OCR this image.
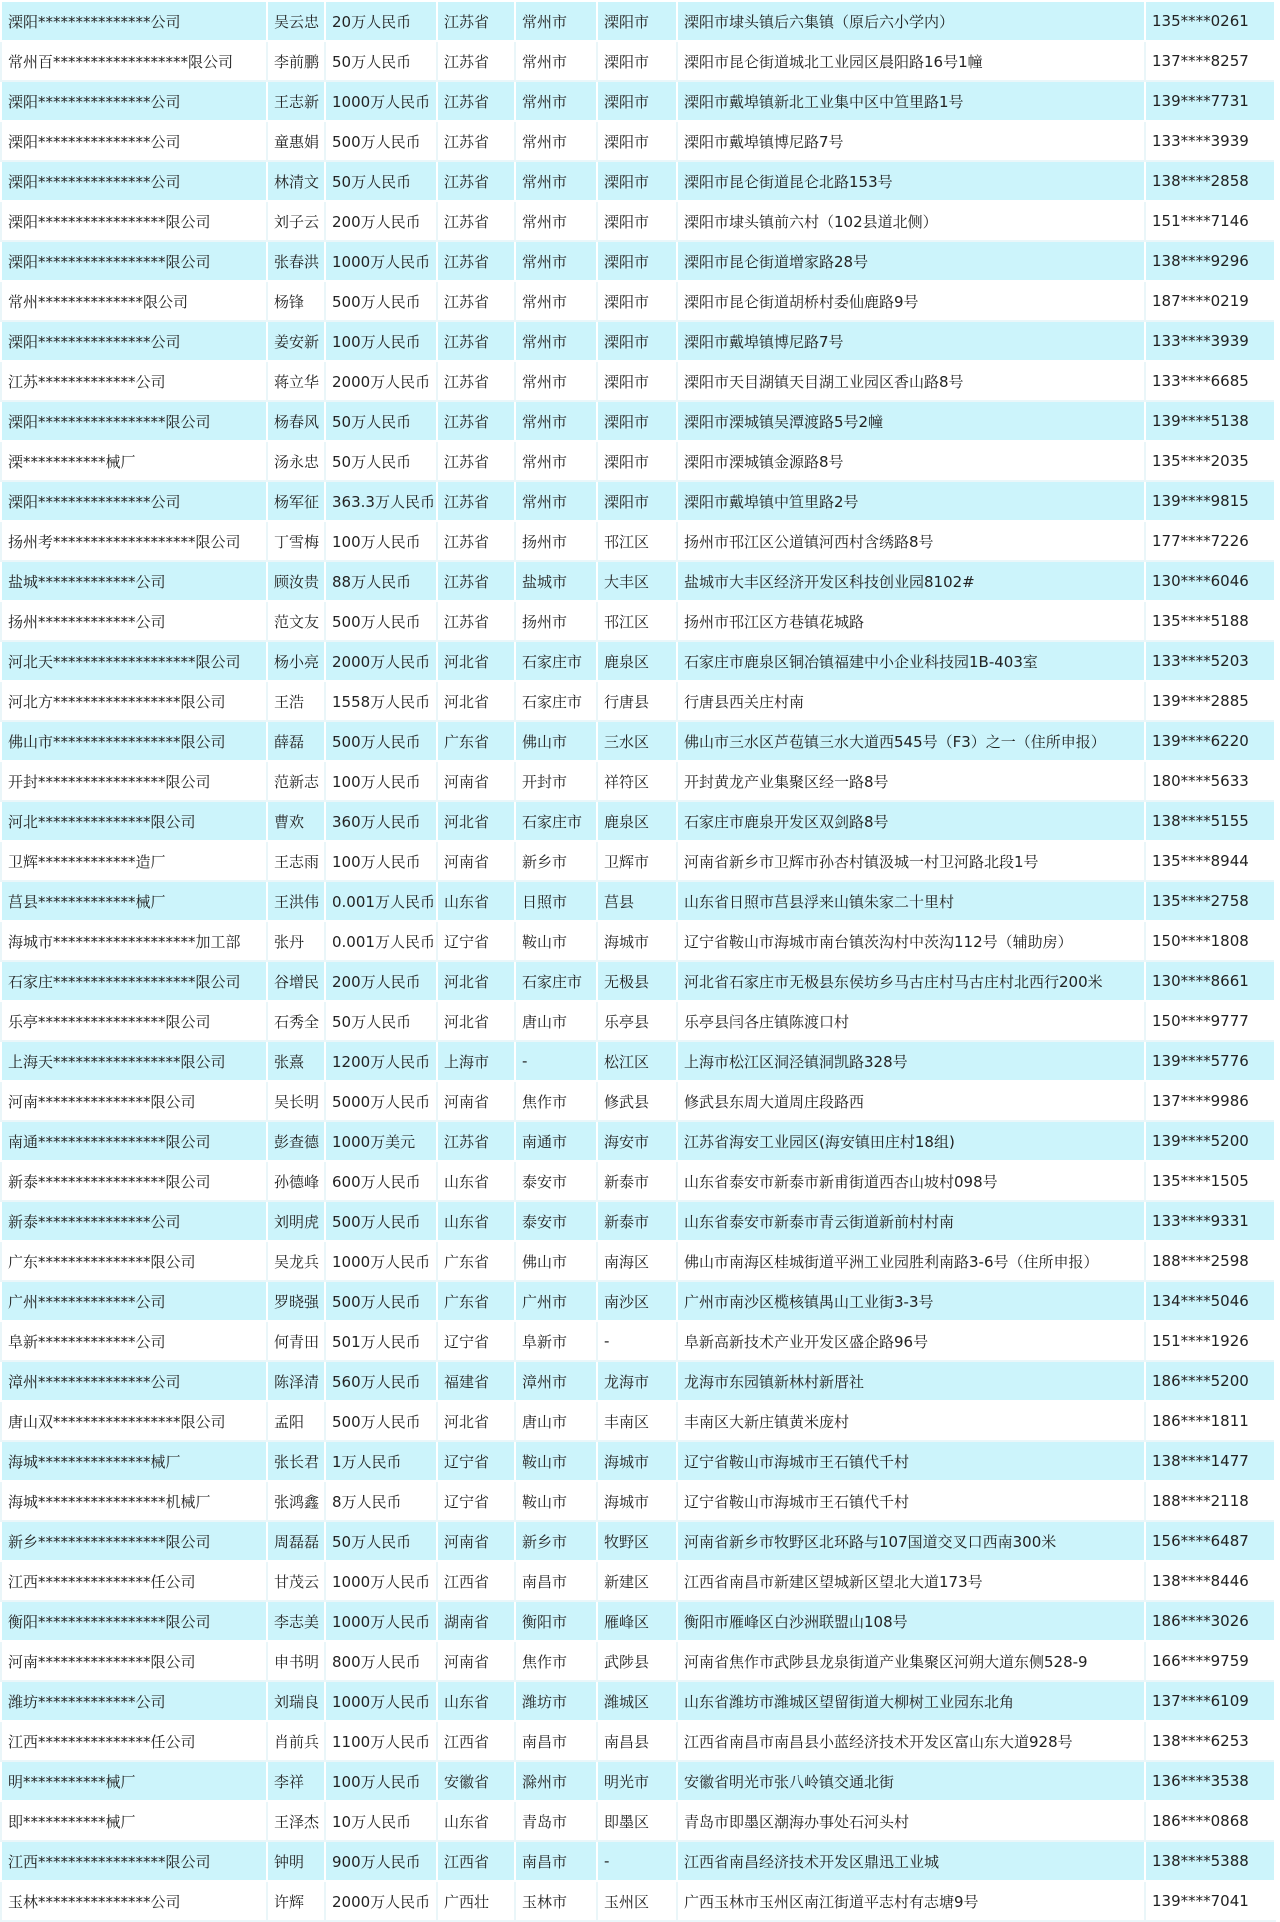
溧阳***************公司	吴云忠	20万人民币	江苏省	常州市	溧阳市	溧阳市埭头镇后六集镇（原后六小学内）	135****0261
常州百******************限公司	李前鹏	50万人民币	江苏省	常州市	溧阳市	溧阳市昆仑街道城北工业园区晨阳路16号1幢	137****8257
溧阳***************公司	王志新	1000万人民币	江苏省	常州市	溧阳市	溧阳市戴埠镇新北工业集中区中笪里路1号	139****7731
溧阳***************公司	童惠娟	500万人民币	江苏省	常州市	溧阳市	溧阳市戴埠镇博尼路7号	133****3939
溧阳***************公司	林清文	50万人民币	江苏省	常州市	溧阳市	溧阳市昆仑街道昆仑北路153号	138****2858
溧阳*****************限公司	刘子云	200万人民币	江苏省	常州市	溧阳市	溧阳市埭头镇前六村（102县道北侧）	151****7146
溧阳*****************限公司	张春洪	1000万人民币	江苏省	常州市	溧阳市	溧阳市昆仑街道增家路28号	138****9296
常州**************限公司	杨锋	500万人民币	江苏省	常州市	溧阳市	溧阳市昆仑街道胡桥村委仙鹿路9号	187****0219
溧阳***************公司	姜安新	100万人民币	江苏省	常州市	溧阳市	溧阳市戴埠镇博尼路7号	133****3939
江苏*************公司	蒋立华	2000万人民币	江苏省	常州市	溧阳市	溧阳市天目湖镇天目湖工业园区香山路8号	133****6685
溧阳*****************限公司	杨春风	50万人民币	江苏省	常州市	溧阳市	溧阳市溧城镇吴潭渡路5号2幢	139****5138
溧***********械厂	汤永忠	50万人民币	江苏省	常州市	溧阳市	溧阳市溧城镇金源路8号	135****2035
溧阳***************公司	杨军征	363.3万人民币	江苏省	常州市	溧阳市	溧阳市戴埠镇中笪里路2号	139****9815
扬州考*******************限公司	丁雪梅	100万人民币	江苏省	扬州市	邗江区	扬州市邗江区公道镇河西村含绣路8号	177****7226
盐城*************公司	顾汝贵	88万人民币	江苏省	盐城市	大丰区	盐城市大丰区经济开发区科技创业园8102#	130****6046
扬州*************公司	范文友	500万人民币	江苏省	扬州市	邗江区	扬州市邗江区方巷镇花城路	135****5188
河北天*******************限公司	杨小亮	2000万人民币	河北省	石家庄市	鹿泉区	石家庄市鹿泉区铜冶镇福建中小企业科技园1B-403室	133****5203
河北方*****************限公司	王浩	1558万人民币	河北省	石家庄市	行唐县	行唐县西关庄村南	139****2885
佛山市*****************限公司	薛磊	500万人民币	广东省	佛山市	三水区	佛山市三水区芦苞镇三水大道西545号（F3）之一（住所申报）	139****6220
开封*****************限公司	范新志	100万人民币	河南省	开封市	祥符区	开封黄龙产业集聚区经一路8号	180****5633
河北***************限公司	曹欢	360万人民币	河北省	石家庄市	鹿泉区	石家庄市鹿泉开发区双剑路8号	138****5155
卫辉*************造厂	王志雨	100万人民币	河南省	新乡市	卫辉市	河南省新乡市卫辉市孙杏村镇汲城一村卫河路北段1号	135****8944
莒县*************械厂	王洪伟	0.001万人民币	山东省	日照市	莒县	山东省日照市莒县浮来山镇朱家二十里村	135****2758
海城市*******************加工部	张丹	0.001万人民币	辽宁省	鞍山市	海城市	辽宁省鞍山市海城市南台镇茨沟村中茨沟112号（辅助房）	150****1808
石家庄*******************限公司	谷增民	200万人民币	河北省	石家庄市	无极县	河北省石家庄市无极县东侯坊乡马古庄村马古庄村北西行200米	130****8661
乐亭*****************限公司	石秀全	50万人民币	河北省	唐山市	乐亭县	乐亭县闫各庄镇陈渡口村	150****9777
上海天*****************限公司	张熹	1200万人民币	上海市	-	松江区	上海市松江区洞泾镇洞凯路328号	139****5776
河南***************限公司	吴长明	5000万人民币	河南省	焦作市	修武县	修武县东周大道周庄段路西	137****9986
南通*****************限公司	彭查德	1000万美元	江苏省	南通市	海安市	江苏省海安工业园区(海安镇田庄村18组)	139****5200
新泰*****************限公司	孙德峰	600万人民币	山东省	泰安市	新泰市	山东省泰安市新泰市新甫街道西杏山坡村098号	135****1505
新泰***************公司	刘明虎	500万人民币	山东省	泰安市	新泰市	山东省泰安市新泰市青云街道新前村村南	133****9331
广东***************限公司	吴龙兵	1000万人民币	广东省	佛山市	南海区	佛山市南海区桂城街道平洲工业园胜利南路3-6号（住所申报）	188****2598
广州*************公司	罗晓强	500万人民币	广东省	广州市	南沙区	广州市南沙区榄核镇禺山工业街3-3号	134****5046
阜新*************公司	何青田	501万人民币	辽宁省	阜新市	-	阜新高新技术产业开发区盛企路96号	151****1926
漳州***************公司	陈泽清	560万人民币	福建省	漳州市	龙海市	龙海市东园镇新林村新厝社	186****5200
唐山双*****************限公司	孟阳	500万人民币	河北省	唐山市	丰南区	丰南区大新庄镇黄米庞村	186****1811
海城***************械厂	张长君	1万人民币	辽宁省	鞍山市	海城市	辽宁省鞍山市海城市王石镇代千村	138****1477
海城*****************机械厂	张鸿鑫	8万人民币	辽宁省	鞍山市	海城市	辽宁省鞍山市海城市王石镇代千村	188****2118
新乡*****************限公司	周磊磊	50万人民币	河南省	新乡市	牧野区	河南省新乡市牧野区北环路与107国道交叉口西南300米	156****6487
江西***************任公司	甘茂云	1000万人民币	江西省	南昌市	新建区	江西省南昌市新建区望城新区望北大道173号	138****8446
衡阳*****************限公司	李志美	1000万人民币	湖南省	衡阳市	雁峰区	衡阳市雁峰区白沙洲联盟山108号	186****3026
河南***************限公司	申书明	800万人民币	河南省	焦作市	武陟县	河南省焦作市武陟县龙泉街道产业集聚区河朔大道东侧528-9	166****9759
潍坊*************公司	刘瑞良	1000万人民币	山东省	潍坊市	潍城区	山东省潍坊市潍城区望留街道大柳树工业园东北角	137****6109
江西***************任公司	肖前兵	1100万人民币	江西省	南昌市	南昌县	江西省南昌市南昌县小蓝经济技术开发区富山东大道928号	138****6253
明***********械厂	李祥	100万人民币	安徽省	滁州市	明光市	安徽省明光市张八岭镇交通北街	136****3538
即***********械厂	王泽杰	10万人民币	山东省	青岛市	即墨区	青岛市即墨区潮海办事处石河头村	186****0868
江西*****************限公司	钟明	900万人民币	江西省	南昌市	-	江西省南昌经济技术开发区鼎迅工业城	138****5388
玉林***************公司	许辉	2000万人民币	广西壮	玉林市	玉州区	广西玉林市玉州区南江街道平志村有志塘9号	139****7041
